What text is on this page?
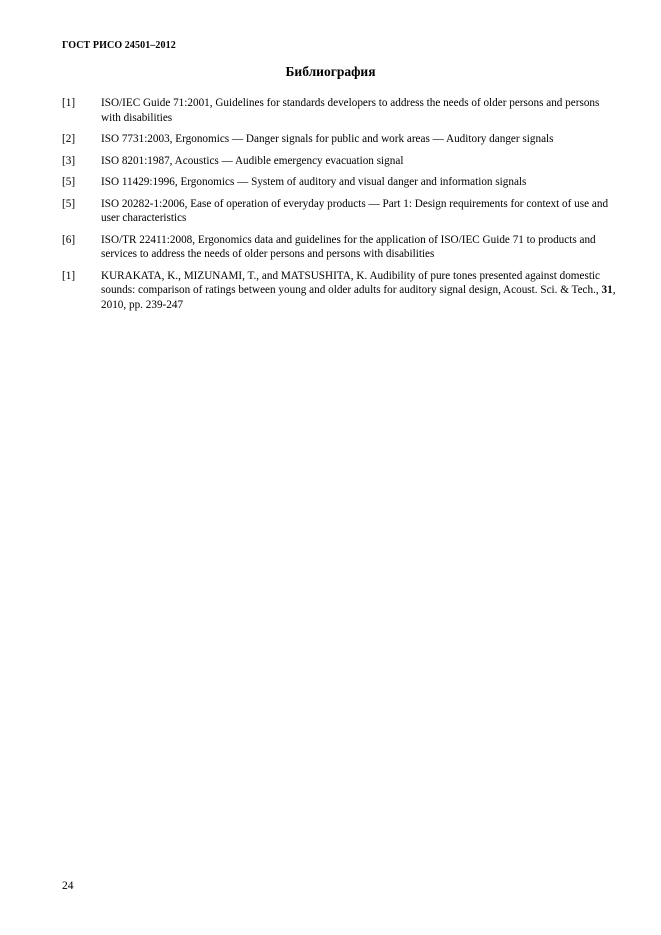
ГОСТ РИСО 24501–2012
Библиография
[1]	ISO/IEC Guide 71:2001, Guidelines for standards developers to address the needs of older persons and persons with disabilities
[2]	ISO 7731:2003, Ergonomics — Danger signals for public and work areas — Auditory danger signals
[3]	ISO 8201:1987, Acoustics — Audible emergency evacuation signal
[5]	ISO 11429:1996, Ergonomics — System of auditory and visual danger and information signals
[5]	ISO 20282-1:2006, Ease of operation of everyday products — Part 1: Design requirements for context of use and user characteristics
[6]	ISO/TR 22411:2008, Ergonomics data and guidelines for the application of ISO/IEC Guide 71 to products and services to address the needs of older persons and persons with disabilities
[1]	KURAKATA, K., MIZUNAMI, T., and MATSUSHITA, K. Audibility of pure tones presented against domestic sounds: comparison of ratings between young and older adults for auditory signal design, Acoust. Sci. & Tech., 31, 2010, pp. 239-247
24
